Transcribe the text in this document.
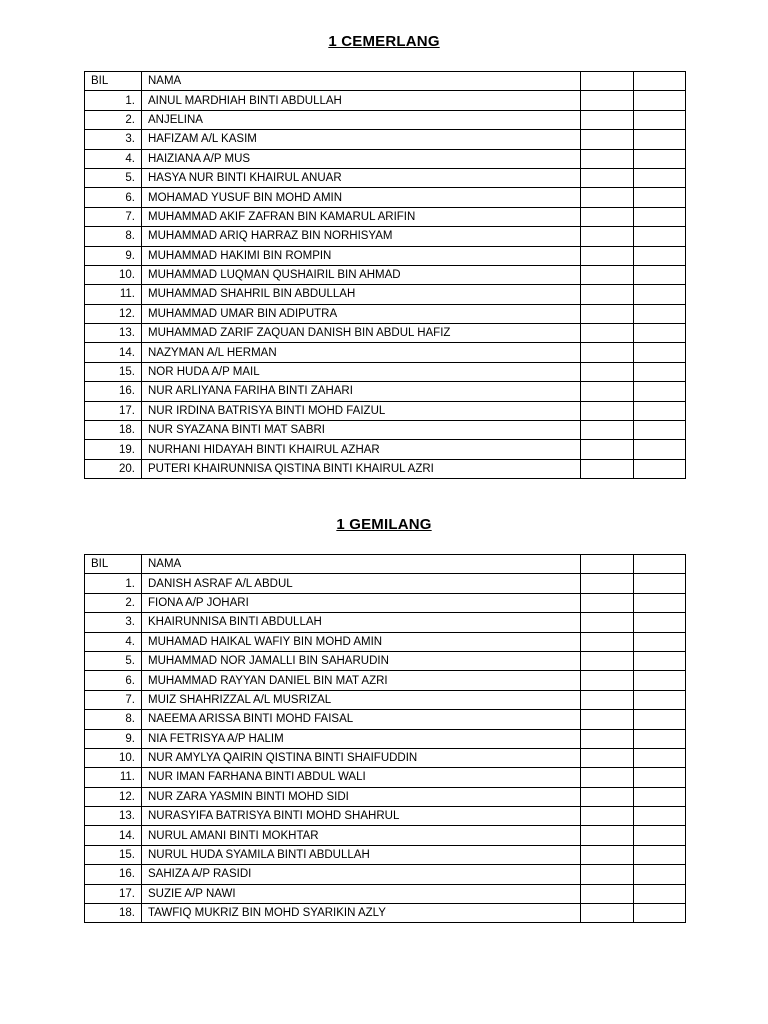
1 CEMERLANG
BIL	NAMA		
1.	AINUL MARDHIAH BINTI ABDULLAH		
2.	ANJELINA		
3.	HAFIZAM A/L KASIM		
4.	HAIZIANA A/P MUS		
5.	HASYA NUR BINTI KHAIRUL ANUAR		
6.	MOHAMAD YUSUF BIN MOHD AMIN		
7.	MUHAMMAD AKIF ZAFRAN BIN KAMARUL ARIFIN		
8.	MUHAMMAD ARIQ HARRAZ BIN NORHISYAM		
9.	MUHAMMAD HAKIMI BIN ROMPIN		
10.	MUHAMMAD LUQMAN QUSHAIRIL BIN AHMAD		
11.	MUHAMMAD SHAHRIL BIN ABDULLAH		
12.	MUHAMMAD UMAR BIN ADIPUTRA		
13.	MUHAMMAD ZARIF ZAQUAN DANISH BIN ABDUL HAFIZ		
14.	NAZYMAN A/L HERMAN		
15.	NOR HUDA A/P MAIL		
16.	NUR ARLIYANA FARIHA BINTI ZAHARI		
17.	NUR IRDINA BATRISYA BINTI MOHD FAIZUL		
18.	NUR SYAZANA BINTI MAT SABRI		
19.	NURHANI HIDAYAH BINTI KHAIRUL AZHAR		
20.	PUTERI KHAIRUNNISA QISTINA BINTI KHAIRUL AZRI		
1 GEMILANG
BIL	NAMA		
1.	DANISH ASRAF A/L ABDUL		
2.	FIONA A/P JOHARI		
3.	KHAIRUNNISA BINTI ABDULLAH		
4.	MUHAMAD HAIKAL WAFIY BIN MOHD AMIN		
5.	MUHAMMAD NOR JAMALLI BIN SAHARUDIN		
6.	MUHAMMAD RAYYAN DANIEL BIN MAT AZRI		
7.	MUIZ SHAHRIZZAL A/L MUSRIZAL		
8.	NAEEMA ARISSA BINTI MOHD FAISAL		
9.	NIA FETRISYA A/P HALIM		
10.	NUR AMYLYA QAIRIN QISTINA BINTI SHAIFUDDIN		
11.	NUR IMAN FARHANA BINTI ABDUL WALI		
12.	NUR ZARA YASMIN BINTI MOHD SIDI		
13.	NURASYIFA BATRISYA BINTI MOHD SHAHRUL		
14.	NURUL AMANI BINTI MOKHTAR		
15.	NURUL HUDA SYAMILA BINTI ABDULLAH		
16.	SAHIZA A/P RASIDI		
17.	SUZIE A/P NAWI		
18.	TAWFIQ MUKRIZ BIN MOHD SYARIKIN AZLY		
